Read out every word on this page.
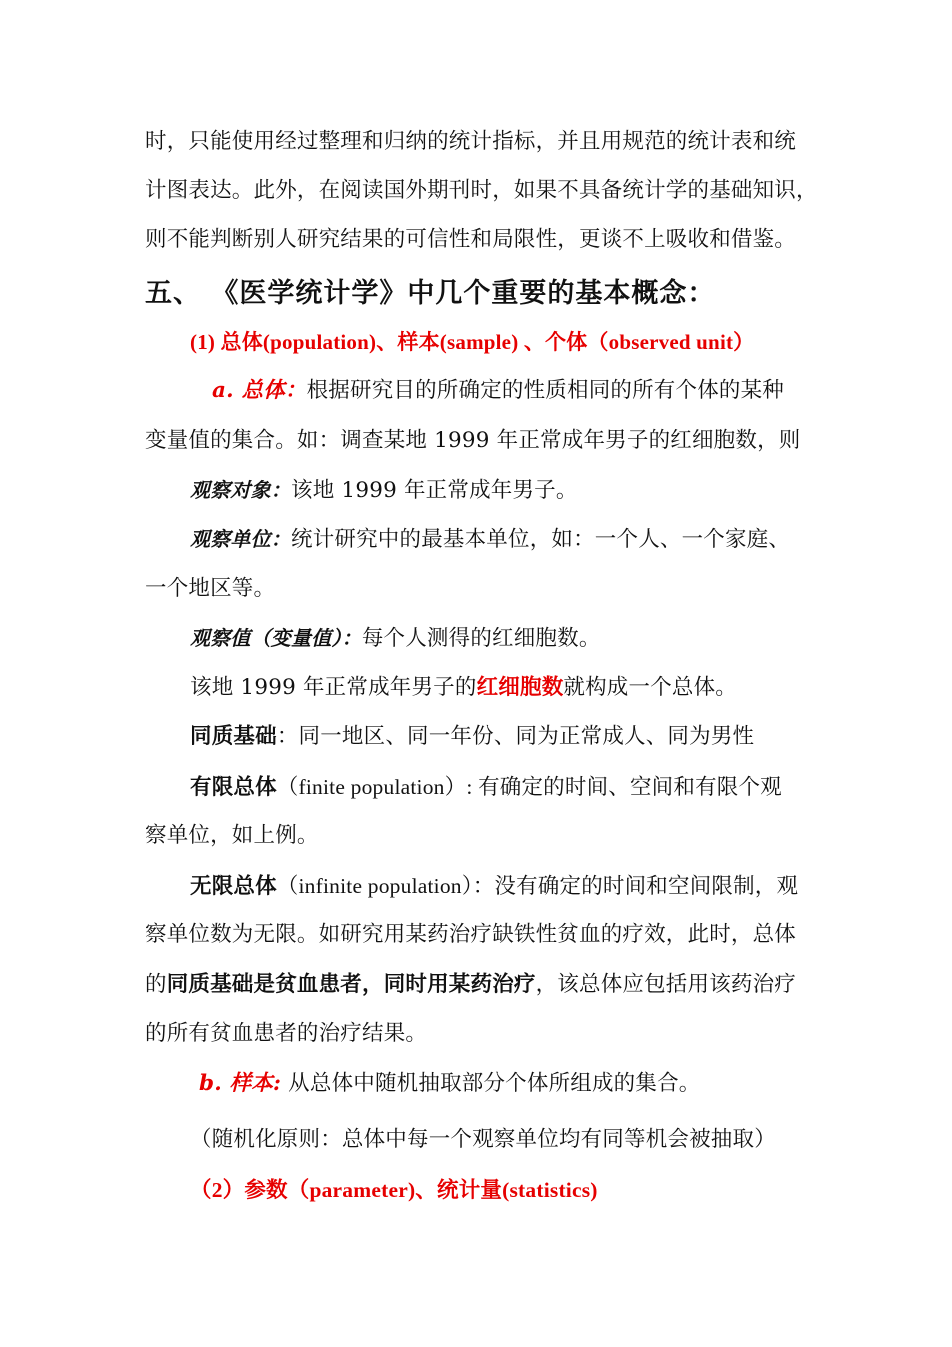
时，只能使用经过整理和归纳的统计指标，并且用规范的统计表和统
计图表达。此外，在阅读国外期刊时，如果不具备统计学的基础知识，
则不能判断别人研究结果的可信性和局限性，更谈不上吸收和借鉴。
五、 《医学统计学》中几个重要的基本概念：
(1) 总体(population)、样本(sample) 、个体（observed unit）
a. 总体：根据研究目的所确定的性质相同的所有个体的某种
变量值的集合。如：调查某地 1999 年正常成年男子的红细胞数，则
观察对象：该地 1999 年正常成年男子。
观察单位：统计研究中的最基本单位，如：一个人、一个家庭、
一个地区等。
观察值（变量值）：每个人测得的红细胞数。
该地 1999 年正常成年男子的红细胞数就构成一个总体。
同质基础：同一地区、同一年份、同为正常成人、同为男性
有限总体（finite population）: 有确定的时间、空间和有限个观
察单位，如上例。
无限总体（infinite population）：没有确定的时间和空间限制，观
察单位数为无限。如研究用某药治疗缺铁性贫血的疗效，此时，总体
的同质基础是贫血患者，同时用某药治疗，该总体应包括用该药治疗
的所有贫血患者的治疗结果。
b. 样本: 从总体中随机抽取部分个体所组成的集合。
（随机化原则：总体中每一个观察单位均有同等机会被抽取）
（2）参数（parameter)、统计量(statistics)
